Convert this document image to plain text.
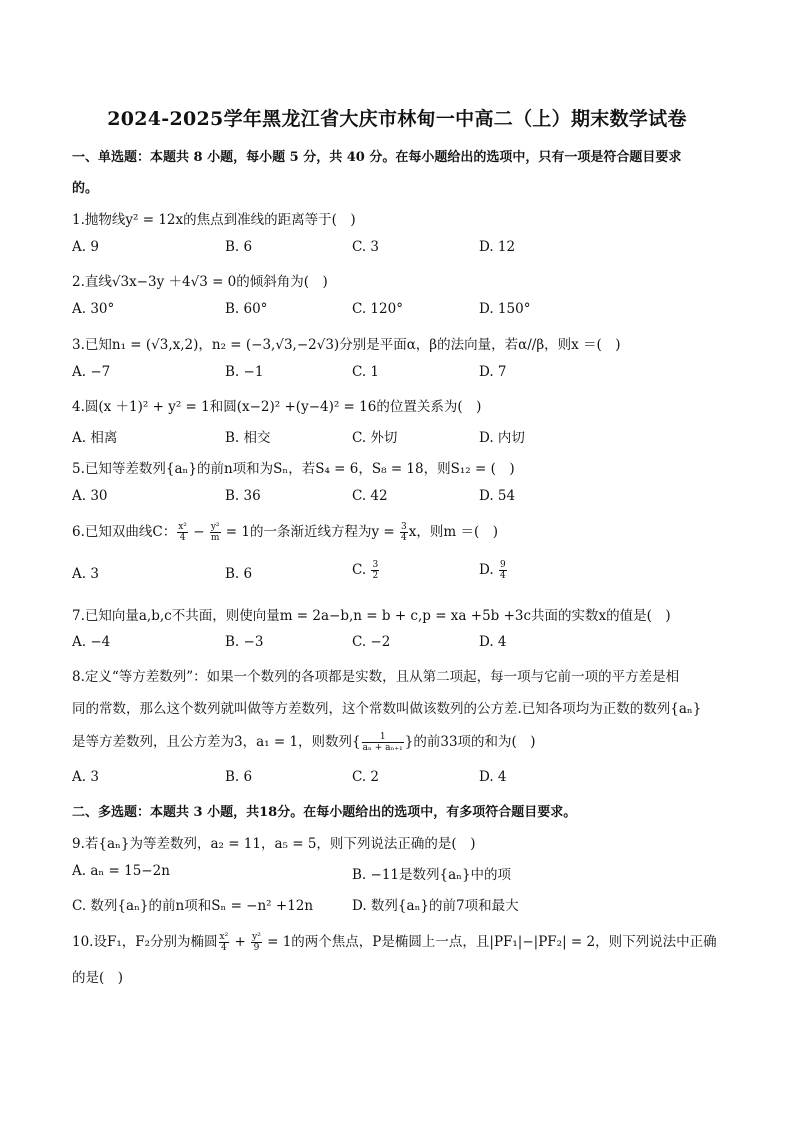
2024-2025学年黑龙江省大庆市林甸一中高二（上）期末数学试卷
一、单选题：本题共 8 小题，每小题 5 分，共 40 分。在每小题给出的选项中，只有一项是符合题目要求
的。
1.抛物线y² = 12x的焦点到准线的距离等于(　)
A. 9	B. 6	C. 3	D. 12
2.直线√3x−3y ＋4√3 = 0的倾斜角为(　)
A. 30°	B. 60°	C. 120°	D. 150°
3.已知n₁ = (√3,x,2)，n₂ = (−3,√3,−2√3)分别是平面α，β的法向量，若α//β，则x ＝(　)
A. −7	B. −1	C. 1	D. 7
4.圆(x ＋1)² + y² = 1和圆(x−2)² +(y−4)² = 16的位置关系为(　)
A. 相离	B. 相交	C. 外切	D. 内切
5.已知等差数列{aₙ}的前n项和为Sₙ，若S₄ = 6，S₈ = 18，则S₁₂ = (　)
A. 30	B. 36	C. 42	D. 54
6.已知双曲线C： $\frac{\text{x²}}{4} - \frac{\text{y²}}{m} = 1$的一条渐近线方程为$y = \frac{3}{4}$ x，则m ＝(　)
A. 3	B. 6	C. $\frac{3}{2}$	D. $\frac{9}{4}$
7.已知向量a,b,c不共面，则使向量m = 2a−b,n = b + c,p = xa +5b +3c共面的实数x的值是(　)
A. −4	B. −3	C. −2	D. 4
8.定义“等方差数列”：如果一个数列的各项都是实数，且从第二项起，每一项与它前一项的平方差是相
同的常数，那么这个数列就叫做等方差数列，这个常数叫做该数列的公方差.已知各项均为正数的数列{aₙ}
是等方差数列，且公方差为3，a₁ = 1，则数列{ $\frac{1}{\text{aₙ + aₙ₊₁}}$ }的前33项的和为(　)
A. 3	B. 6	C. 2	D. 4
二、多选题：本题共 3 小题，共18分。在每小题给出的选项中，有多项符合题目要求。
9.若{aₙ}为等差数列，a₂ = 11，a₅ = 5，则下列说法正确的是(　)
A. aₙ = 15−2n	B. −11是数列{aₙ}中的项
C. 数列{aₙ}的前n项和Sₙ = −n² +12n	D. 数列{aₙ}的前7项和最大
10.设F₁，F₂分别为椭圆 $\frac{\text{x²}}{4} + \frac{\text{y²}}{9} = 1$的两个焦点，P是椭圆上一点，且|PF₁|−|PF₂| = 2，则下列说法中正确
的是(　)
